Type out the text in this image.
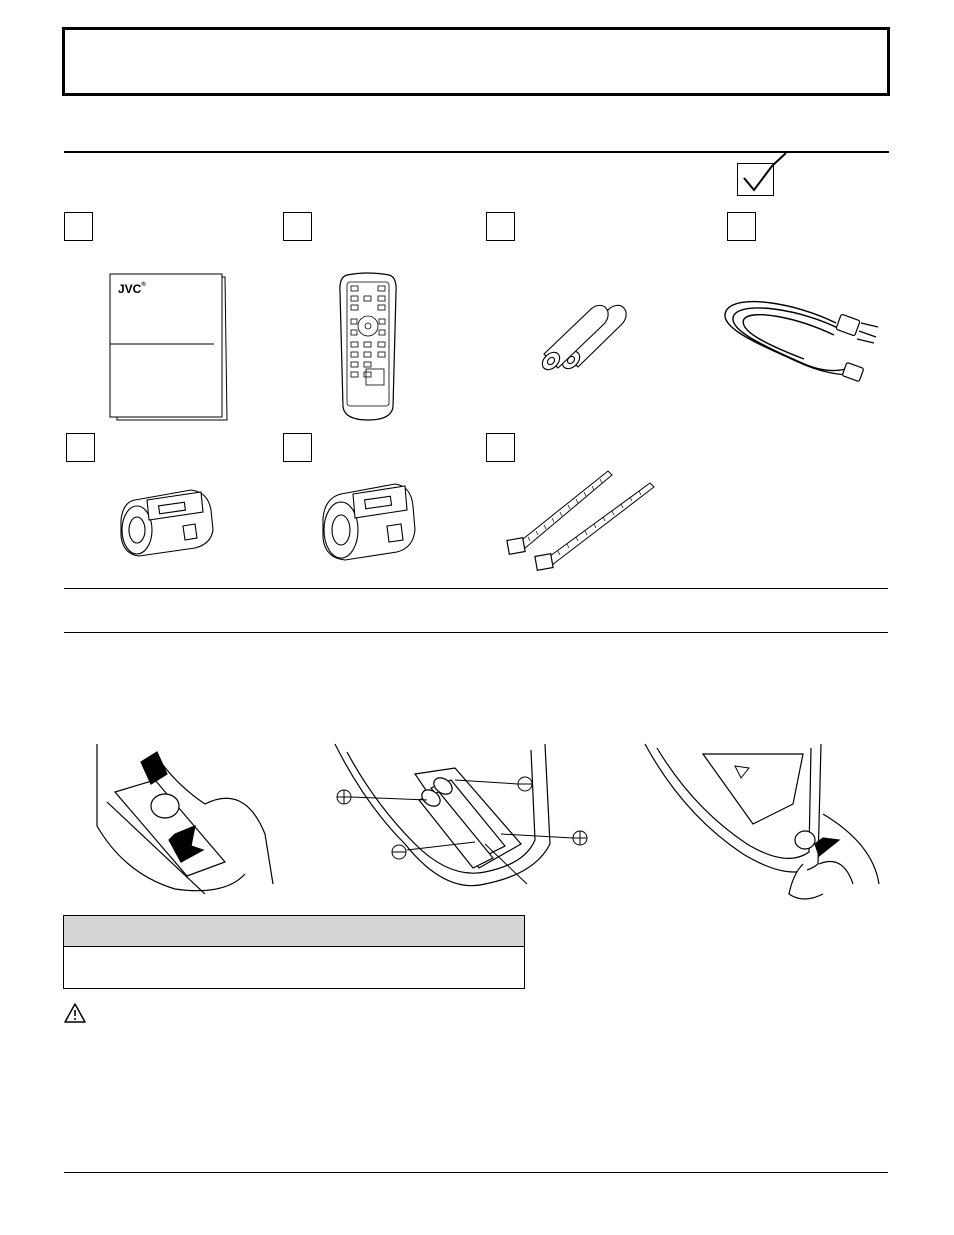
JVC®
